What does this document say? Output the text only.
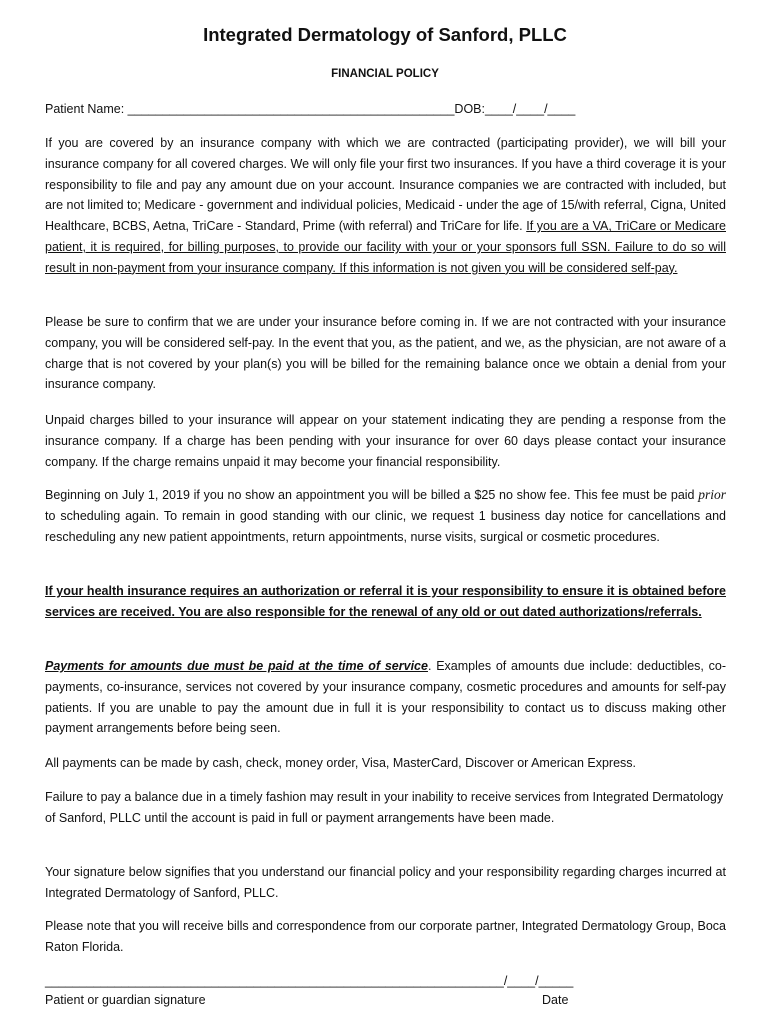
Integrated Dermatology of Sanford, PLLC
FINANCIAL POLICY
Patient Name: _______________________________________________DOB:____/____/____
If you are covered by an insurance company with which we are contracted (participating provider), we will bill your insurance company for all covered charges. We will only file your first two insurances. If you have a third coverage it is your responsibility to file and pay any amount due on your account. Insurance companies we are contracted with included, but are not limited to; Medicare - government and individual policies, Medicaid - under the age of 15/with referral, Cigna, United Healthcare, BCBS, Aetna, TriCare - Standard, Prime (with referral) and TriCare for life. If you are a VA, TriCare or Medicare patient, it is required, for billing purposes, to provide our facility with your or your sponsors full SSN. Failure to do so will result in non-payment from your insurance company. If this information is not given you will be considered self-pay.
Please be sure to confirm that we are under your insurance before coming in. If we are not contracted with your insurance company, you will be considered self-pay. In the event that you, as the patient, and we, as the physician, are not aware of a charge that is not covered by your plan(s) you will be billed for the remaining balance once we obtain a denial from your insurance company.
Unpaid charges billed to your insurance will appear on your statement indicating they are pending a response from the insurance company. If a charge has been pending with your insurance for over 60 days please contact your insurance company. If the charge remains unpaid it may become your financial responsibility.
Beginning on July 1, 2019 if you no show an appointment you will be billed a $25 no show fee. This fee must be paid prior to scheduling again. To remain in good standing with our clinic, we request 1 business day notice for cancellations and rescheduling any new patient appointments, return appointments, nurse visits, surgical or cosmetic procedures.
If your health insurance requires an authorization or referral it is your responsibility to ensure it is obtained before services are received. You are also responsible for the renewal of any old or out dated authorizations/referrals.
Payments for amounts due must be paid at the time of service. Examples of amounts due include: deductibles, co-payments, co-insurance, services not covered by your insurance company, cosmetic procedures and amounts for self-pay patients. If you are unable to pay the amount due in full it is your responsibility to contact us to discuss making other payment arrangements before being seen.
All payments can be made by cash, check, money order, Visa, MasterCard, Discover or American Express.
Failure to pay a balance due in a timely fashion may result in your inability to receive services from Integrated Dermatology of Sanford, PLLC until the account is paid in full or payment arrangements have been made.
Your signature below signifies that you understand our financial policy and your responsibility regarding charges incurred at Integrated Dermatology of Sanford, PLLC.
Please note that you will receive bills and correspondence from our corporate partner, Integrated Dermatology Group, Boca Raton Florida.
__________________________________________________________________/____/_____
Patient or guardian signature	Date
